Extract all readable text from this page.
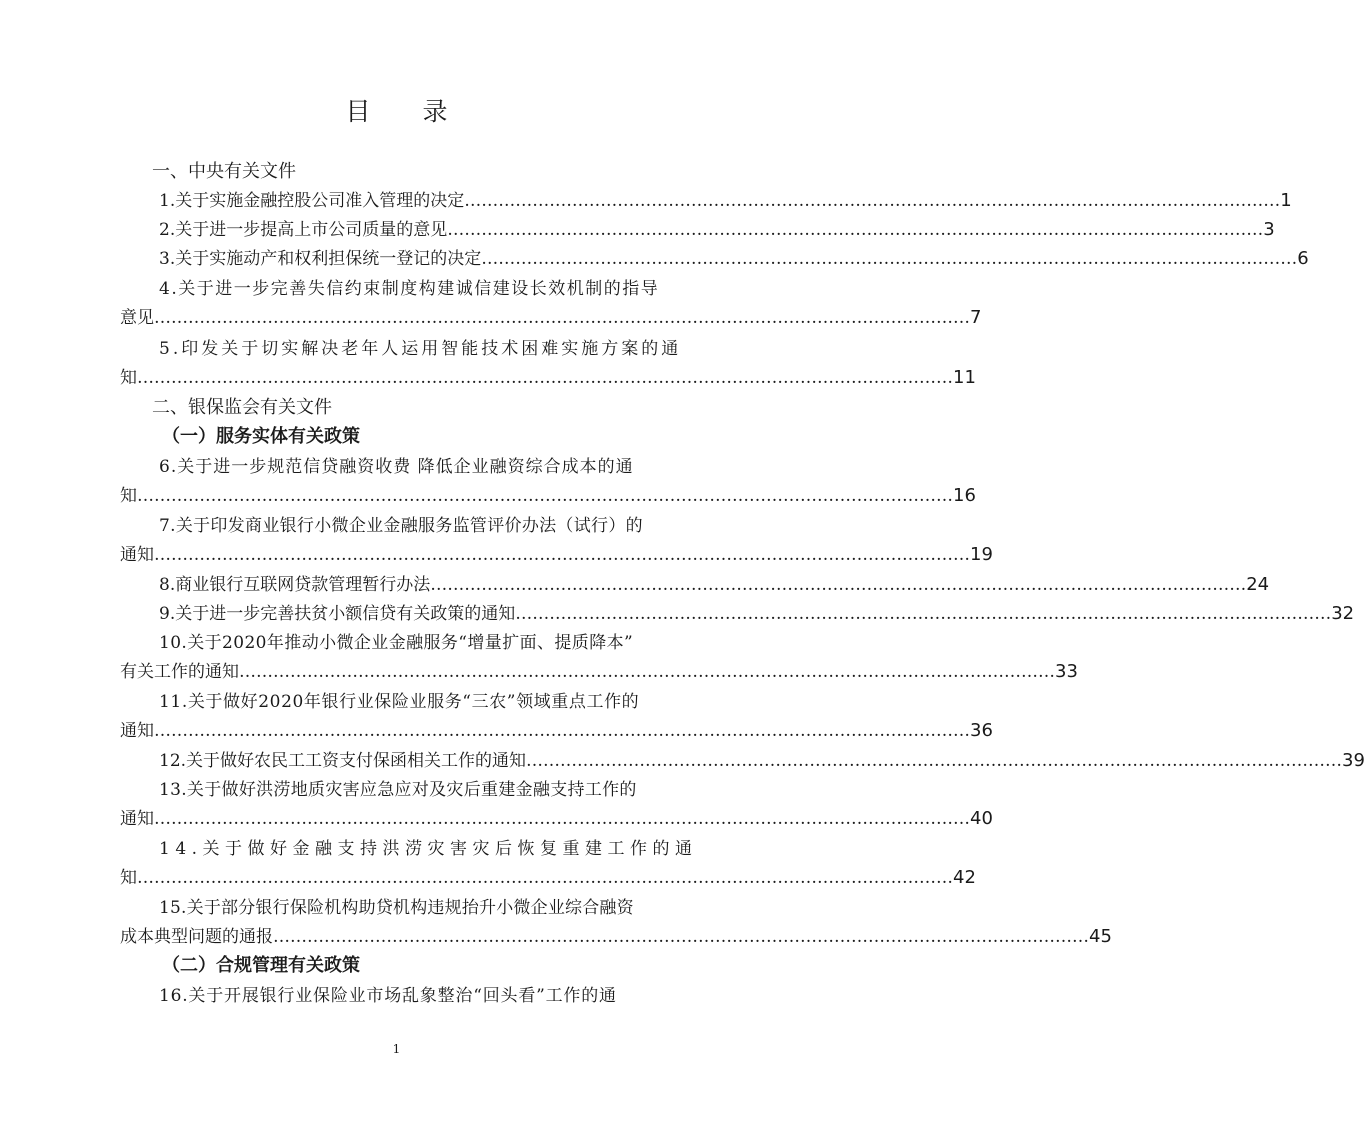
目 录
一、中央有关文件
1.关于实施金融控股公司准入管理的决定 ……………………………………………………………………………………………………………………………… 1
2.关于进一步提高上市公司质量的意见 ……………………………………………………………………………………………………………………………… 3
3.关于实施动产和权利担保统一登记的决定 ……………………………………………………………………………………………………………………………… 6
4.关于进一步完善失信约束制度构建诚信建设长效机制的指导
意见 ……………………………………………………………………………………………………………………………… 7
5.印发关于切实解决老年人运用智能技术困难实施方案的通
知 ……………………………………………………………………………………………………………………………… 11
二、银保监会有关文件
（一）服务实体有关政策
6.关于进一步规范信贷融资收费 降低企业融资综合成本的通
知 ……………………………………………………………………………………………………………………………… 16
7.关于印发商业银行小微企业金融服务监管评价办法（试行）的
通知 ……………………………………………………………………………………………………………………………… 19
8.商业银行互联网贷款管理暂行办法 ……………………………………………………………………………………………………………………………… 24
9.关于进一步完善扶贫小额信贷有关政策的通知 ……………………………………………………………………………………………………………………………… 32
10.关于2020年推动小微企业金融服务“增量扩面、提质降本”
有关工作的通知 ……………………………………………………………………………………………………………………………… 33
11.关于做好2020年银行业保险业服务“三农”领域重点工作的
通知 ……………………………………………………………………………………………………………………………… 36
12.关于做好农民工工资支付保函相关工作的通知 ……………………………………………………………………………………………………………………………… 39
13.关于做好洪涝地质灾害应急应对及灾后重建金融支持工作的
通知 ……………………………………………………………………………………………………………………………… 40
14.关于做好金融支持洪涝灾害灾后恢复重建工作的通
知 ……………………………………………………………………………………………………………………………… 42
15.关于部分银行保险机构助贷机构违规抬升小微企业综合融资
成本典型问题的通报 ……………………………………………………………………………………………………………………………… 45
（二）合规管理有关政策
16.关于开展银行业保险业市场乱象整治“回头看”工作的通
1
